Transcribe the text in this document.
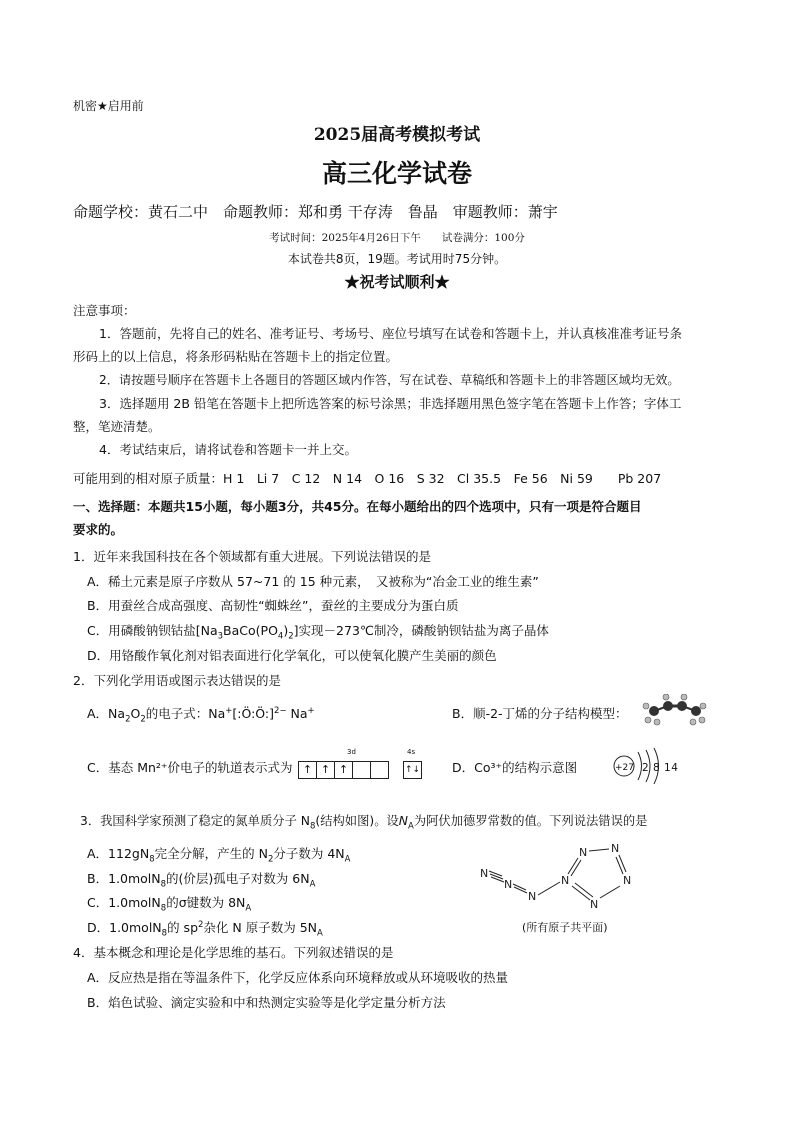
机密★启用前
2025届高考模拟考试
高三化学试卷
命题学校：黄石二中　命题教师：郑和勇 干存涛　鲁晶　审题教师：萧宇
考试时间：2025年4月26日下午　　试卷满分：100分
本试卷共8页，19题。考试用时75分钟。
★祝考试顺利★
注意事项：
1．答题前，先将自己的姓名、准考证号、考场号、座位号填写在试卷和答题卡上，并认真核准准考证号条
形码上的以上信息，将条形码粘贴在答题卡上的指定位置。
2．请按题号顺序在答题卡上各题目的答题区域内作答，写在试卷、草稿纸和答题卡上的非答题区域均无效。
3．选择题用 2B 铅笔在答题卡上把所选答案的标号涂黑；非选择题用黑色签字笔在答题卡上作答；字体工
整，笔迹清楚。
4．考试结束后，请将试卷和答题卡一并上交。
可能用到的相对原子质量：H 1　Li 7　C 12　N 14　O 16　S 32　Cl 35.5　Fe 56　Ni 59　　Pb 207
一、选择题：本题共15小题，每小题3分，共45分。在每小题给出的四个选项中，只有一项是符合题目
要求的。
1．近年来我国科技在各个领域都有重大进展。下列说法错误的是
A．稀土元素是原子序数从 57~71 的 15 种元素，　又被称为“冶金工业的维生素”
B．用蚕丝合成高强度、高韧性“蜘蛛丝”，蚕丝的主要成分为蛋白质
C．用磷酸钠钡钴盐$[Na_3BaCo(PO_4)_2]$实现－273℃制冷，磷酸钠钡钴盐为离子晶体
D．用铬酸作氧化剂对铝表面进行化学氧化，可以使氧化膜产生美丽的颜色
2．下列化学用语或图示表达错误的是
A．$Na_2O_2$的电子式：Na+[:Ö:Ö:]$^{2-}$ Na+	B．顺-2-丁烯的分子结构模型：
C．基态 Mn²⁺价电子的轨道表示式为
3d
↑ ↑ ↑
4s
↑↓	D．Co³⁺的结构示意图	+27 2 8 14
3．我国科学家预测了稳定的氮单质分子 $N_8$(结构如图)。设$N_A$为阿伏加德罗常数的值。下列说法错误的是
A．$112gN_8$完全分解，产生的 $N_2$分子数为 $4N_A$
B．1.0molN$_8$的(价层)孤电子对数为 $6N_A$
C．1.0molN$_8$的σ键数为 $8N_A$
D．1.0molN$_8$的 $sp^2$杂化 N 原子数为 $5N_A$
N
N
N
N
N N
N
N
(所有原子共平面)
4．基本概念和理论是化学思维的基石。下列叙述错误的是
A．反应热是指在等温条件下，化学反应体系向环境释放或从环境吸收的热量
B．焰色试验、滴定实验和中和热测定实验等是化学定量分析方法
